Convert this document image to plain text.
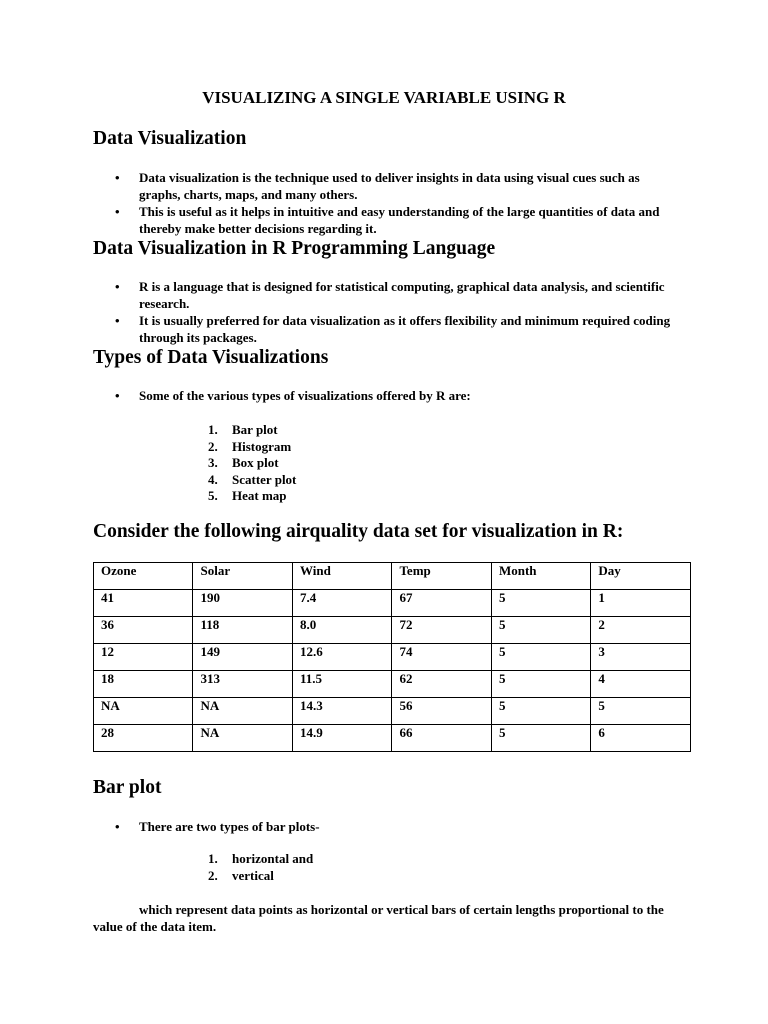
VISUALIZING A SINGLE VARIABLE USING R
Data Visualization
• Data visualization is the technique used to deliver insights in data using visual cues such as graphs, charts, maps, and many others.
• This is useful as it helps in intuitive and easy understanding of the large quantities of data and thereby make better decisions regarding it.
Data Visualization in R Programming Language
• R is a language that is designed for statistical computing, graphical data analysis, and scientific research.
• It is usually preferred for data visualization as it offers flexibility and minimum required coding through its packages.
Types of Data Visualizations
• Some of the various types of visualizations offered by R are:
1. Bar plot
2. Histogram
3. Box plot
4. Scatter plot
5. Heat map
Consider the following airquality data set for visualization in R:
Ozone	Solar	Wind	Temp	Month	Day
41	190	7.4	67	5	1
36	118	8.0	72	5	2
12	149	12.6	74	5	3
18	313	11.5	62	5	4
NA	NA	14.3	56	5	5
28	NA	14.9	66	5	6
Bar plot
• There are two types of bar plots-
1. horizontal and
2. vertical

which represent data points as horizontal or vertical bars of certain lengths proportional to the value of the data item.
